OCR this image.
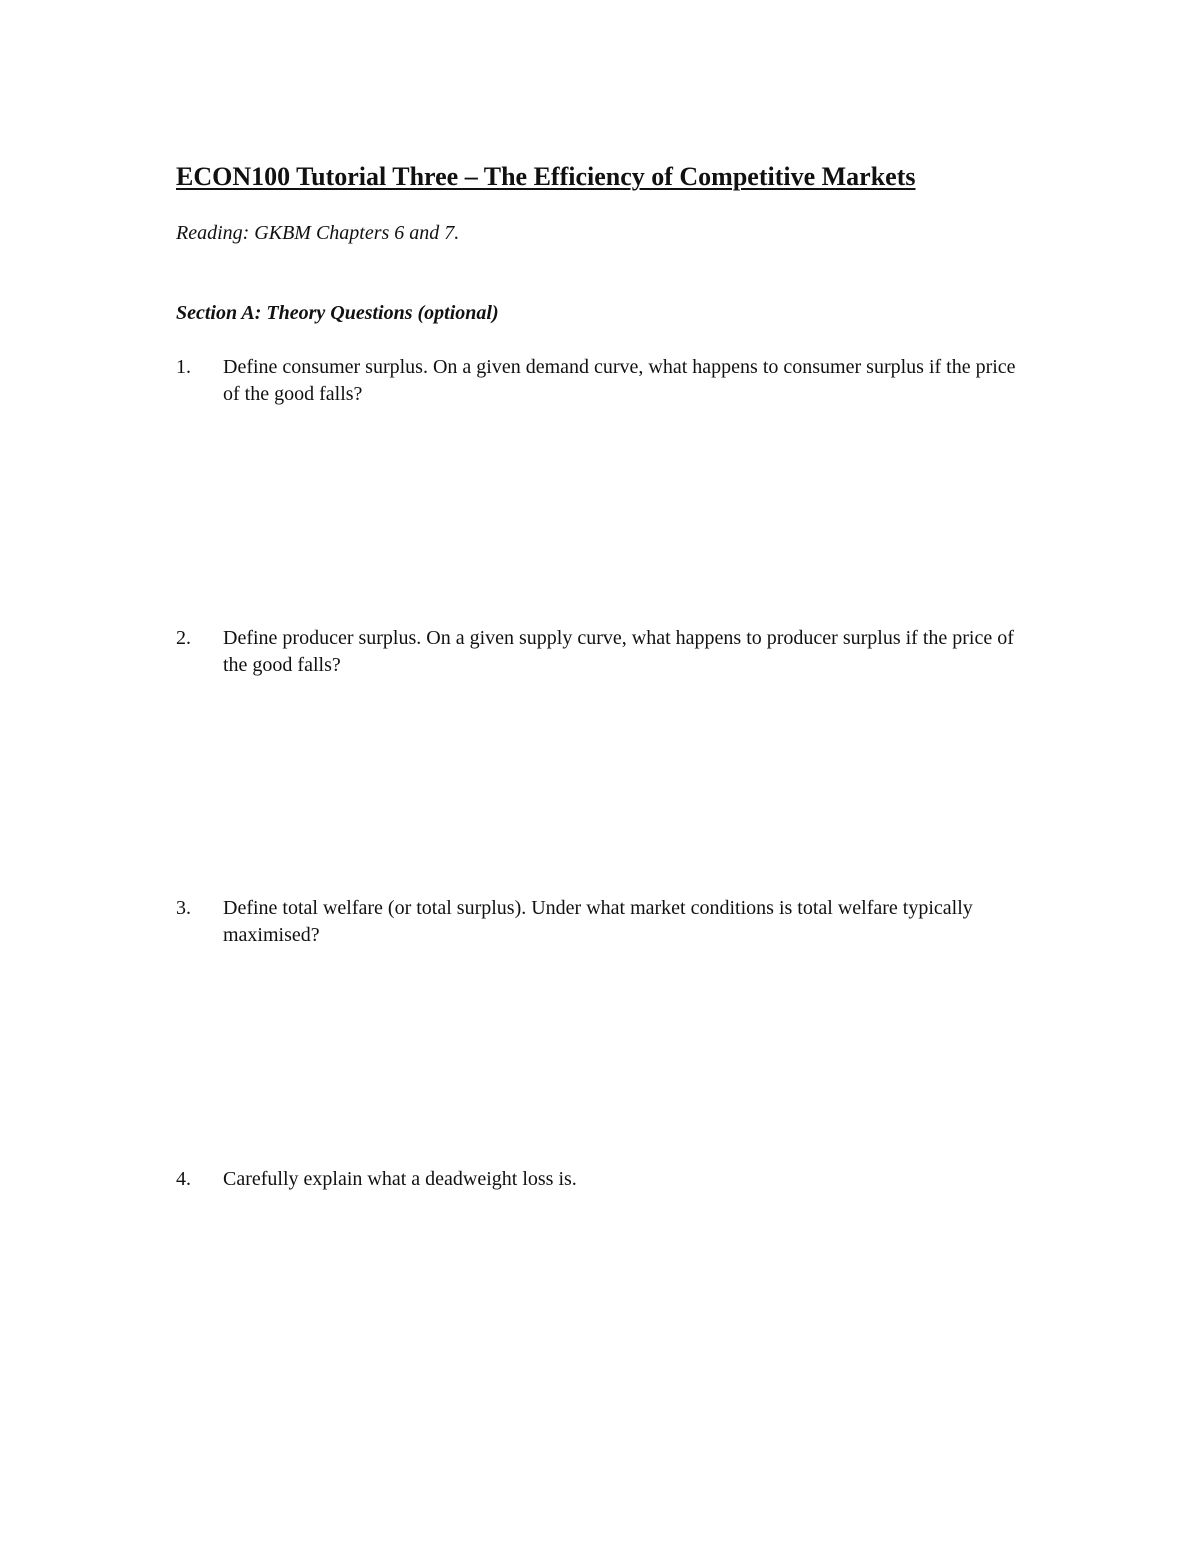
ECON100 Tutorial Three – The Efficiency of Competitive Markets

Reading: GKBM Chapters 6 and 7.

Section A: Theory Questions (optional)

1. Define consumer surplus. On a given demand curve, what happens to consumer surplus if the price of the good falls?
2. Define producer surplus. On a given supply curve, what happens to producer surplus if the price of the good falls?
3. Define total welfare (or total surplus). Under what market conditions is total welfare typically maximised?
4. Carefully explain what a deadweight loss is.
